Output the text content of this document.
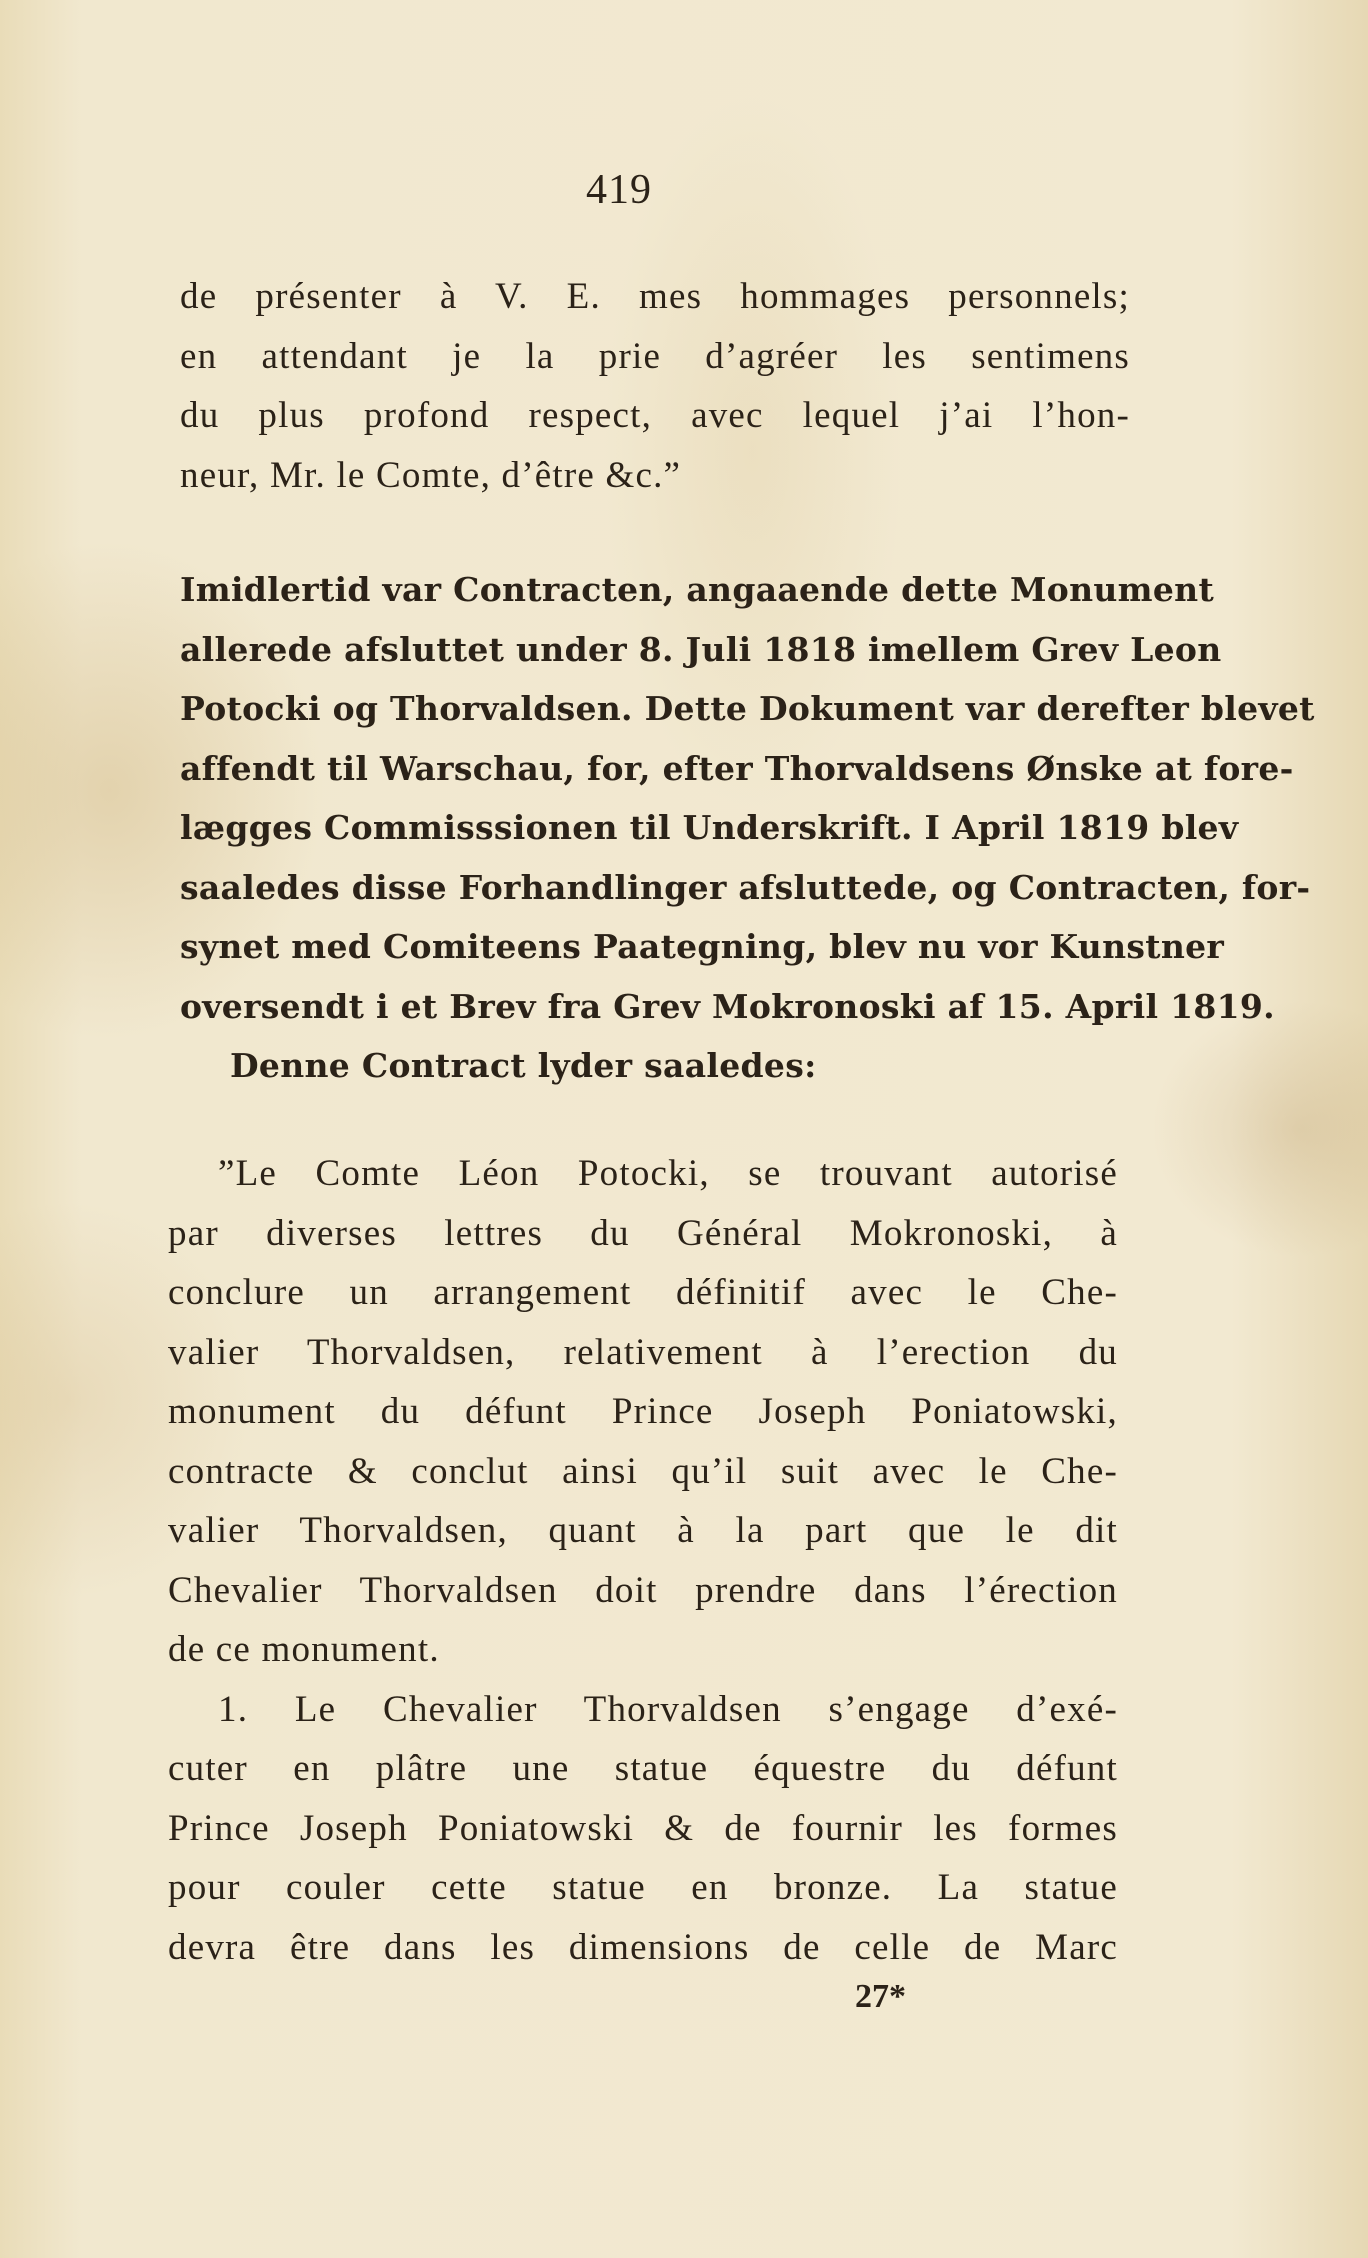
419
de présenter à V. E. mes hommages personnels;
en attendant je la prie d’agréer les sentimens
du plus profond respect, avec lequel j’ai l’hon-
neur, Mr. le Comte, d’être &c.”
Imidlertid var Contracten, angaaende dette Monument
allerede afsluttet under 8. Juli 1818 imellem Grev Leon
Potocki og Thorvaldsen. Dette Dokument var derefter blevet
affendt til Warschau, for, efter Thorvaldsens Ønske at fore-
lægges Commisssionen til Underskrift. I April 1819 blev
saaledes disse Forhandlinger afsluttede, og Contracten, for-
synet med Comiteens Paategning, blev nu vor Kunstner
oversendt i et Brev fra Grev Mokronoski af 15. April 1819.
Denne Contract lyder saaledes:
”Le Comte Léon Potocki, se trouvant autorisé
par diverses lettres du Général Mokronoski, à
conclure un arrangement définitif avec le Che-
valier Thorvaldsen, relativement à l’erection du
monument du défunt Prince Joseph Poniatowski,
contracte & conclut ainsi qu’il suit avec le Che-
valier Thorvaldsen, quant à la part que le dit
Chevalier Thorvaldsen doit prendre dans l’érection
de ce monument.
1. Le Chevalier Thorvaldsen s’engage d’exé-
cuter en plâtre une statue équestre du défunt
Prince Joseph Poniatowski & de fournir les formes
pour couler cette statue en bronze. La statue
devra être dans les dimensions de celle de Marc
27*
